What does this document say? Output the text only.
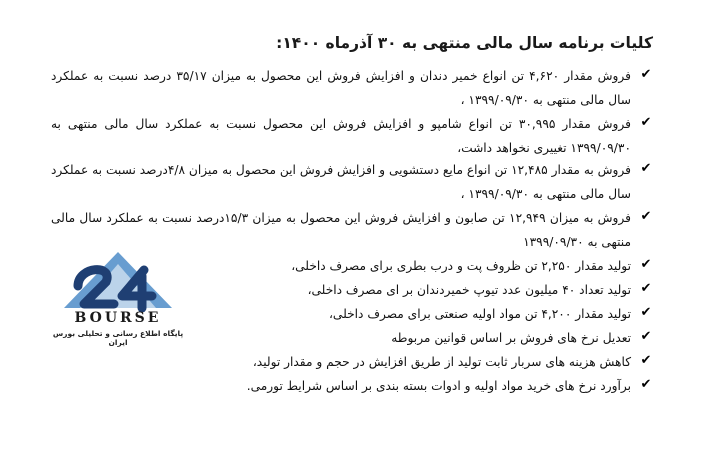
کلیات برنامه سال مالی منتهی به ۳۰ آذرماه ۱۴۰۰:
✔
فروش مقدار ۴,۶۲۰ تن انواع خمیر دندان و افزایش فروش این محصول به میزان ۳۵/۱۷ درصد نسبت به عملکرد سال مالی منتهی به ۱۳۹۹/۰۹/۳۰ ،
✔
فروش مقدار ۳۰,۹۹۵ تن انواع شامپو و افزایش فروش این محصول نسبت به عملکرد سال مالی منتهی به ۱۳۹۹/۰۹/۳۰ تغییری نخواهد داشت،
✔
فروش به مقدار ۱۲,۴۸۵ تن انواع مایع دستشویی و افزایش فروش این محصول به میزان ۴/۸درصد نسبت به عملکرد سال مالی منتهی به ۱۳۹۹/۰۹/۳۰ ،
✔
فروش به میزان ۱۲,۹۴۹ تن صابون و افزایش فروش این محصول به میزان ۱۵/۳درصد نسبت به عملکرد سال مالی منتهی به ۱۳۹۹/۰۹/۳۰
✔
تولید مقدار ۲,۲۵۰ تن ظروف پت و درب بطری برای مصرف داخلی،
✔
تولید تعداد ۴۰ میلیون عدد تیوپ خمیردندان بر ای مصرف داخلی،
✔
تولید مقدار ۴,۲۰۰ تن مواد اولیه صنعتی برای مصرف داخلی،
✔
تعدیل نرخ های فروش بر اساس قوانین مربوطه
✔
کاهش هزینه های سربار ثابت تولید از طریق افزایش در حجم و مقدار تولید،
✔
برآورد نرخ های خرید مواد اولیه و ادوات بسته بندی بر اساس شرایط تورمی.
BOURSE
پایگاه اطلاع رسانی و تحلیلی بورس ایران
